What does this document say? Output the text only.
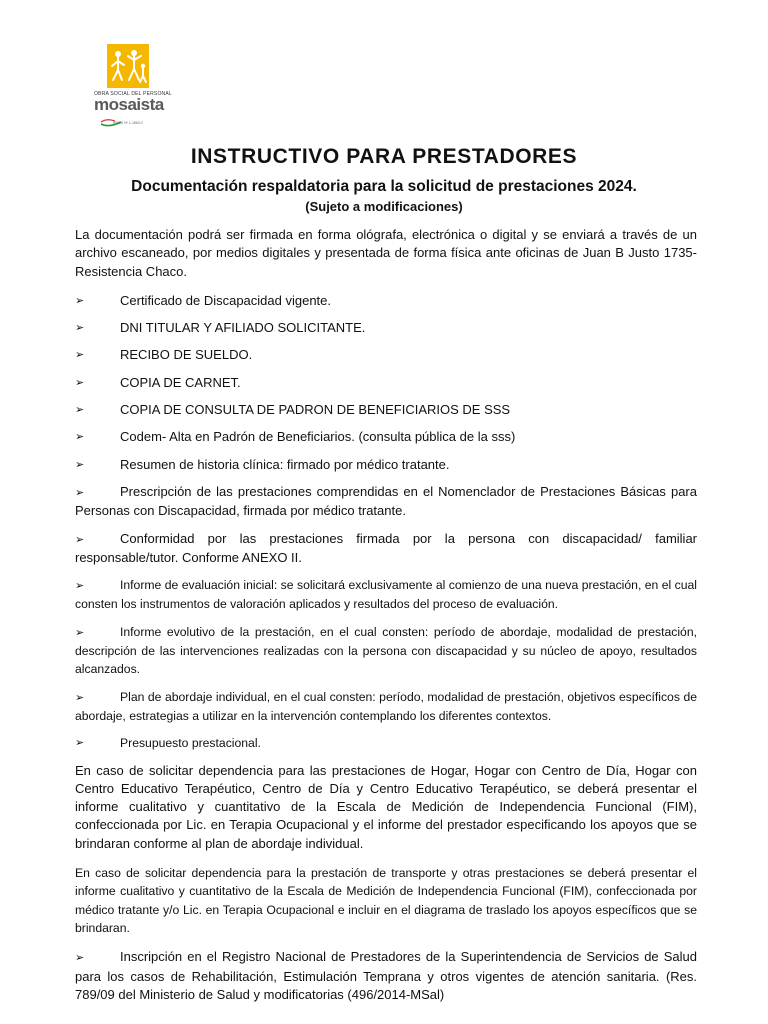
OBRA SOCIAL DEL PERSONAL
mosaista
RNOS Nº 1-1860-2
INSTRUCTIVO PARA PRESTADORES
Documentación respaldatoria para la solicitud de prestaciones 2024.
(Sujeto a modificaciones)

La documentación podrá ser firmada en forma ológrafa, electrónica o digital y se enviará a través de un archivo escaneado, por medios digitales y presentada de forma física ante oficinas de Juan B Justo 1735- Resistencia Chaco.

➢	Certificado de Discapacidad vigente.
➢	DNI TITULAR Y AFILIADO SOLICITANTE.
➢	RECIBO DE SUELDO.
➢	COPIA DE CARNET.
➢	COPIA DE CONSULTA DE PADRON DE BENEFICIARIOS DE SSS
➢	Codem- Alta en Padrón de Beneficiarios. (consulta pública de la sss)
➢	Resumen de historia clínica: firmado por médico tratante.
➢	Prescripción de las prestaciones comprendidas en el Nomenclador de Prestaciones Básicas para Personas con Discapacidad, firmada por médico tratante.
➢	Conformidad por las prestaciones firmada por la persona con discapacidad/ familiar responsable/tutor. Conforme ANEXO II.
➢	Informe de evaluación inicial: se solicitará exclusivamente al comienzo de una nueva prestación, en el cual consten los instrumentos de valoración aplicados y resultados del proceso de evaluación.
➢	Informe evolutivo de la prestación, en el cual consten: período de abordaje, modalidad de prestación, descripción de las intervenciones realizadas con la persona con discapacidad y su núcleo de apoyo, resultados alcanzados.
➢	Plan de abordaje individual, en el cual consten: período, modalidad de prestación, objetivos específicos de abordaje, estrategias a utilizar en la intervención contemplando los diferentes contextos.
➢	Presupuesto prestacional.

En caso de solicitar dependencia para las prestaciones de Hogar, Hogar con Centro de Día, Hogar con Centro Educativo Terapéutico, Centro de Día y Centro Educativo Terapéutico, se deberá presentar el informe cualitativo y cuantitativo de la Escala de Medición de Independencia Funcional (FIM), confeccionada por Lic. en Terapia Ocupacional y el informe del prestador especificando los apoyos que se brindaran conforme al plan de abordaje individual.

En caso de solicitar dependencia para la prestación de transporte y otras prestaciones se deberá presentar el informe cualitativo y cuantitativo de la Escala de Medición de Independencia Funcional (FIM), confeccionada por médico tratante y/o Lic. en Terapia Ocupacional e incluir en el diagrama de traslado los apoyos específicos que se brindaran.

➢	Inscripción en el Registro Nacional de Prestadores de la Superintendencia de Servicios de Salud para los casos de Rehabilitación, Estimulación Temprana y otros vigentes de atención sanitaria. (Res. 789/09 del Ministerio de Salud y modificatorias (496/2014-MSal)
